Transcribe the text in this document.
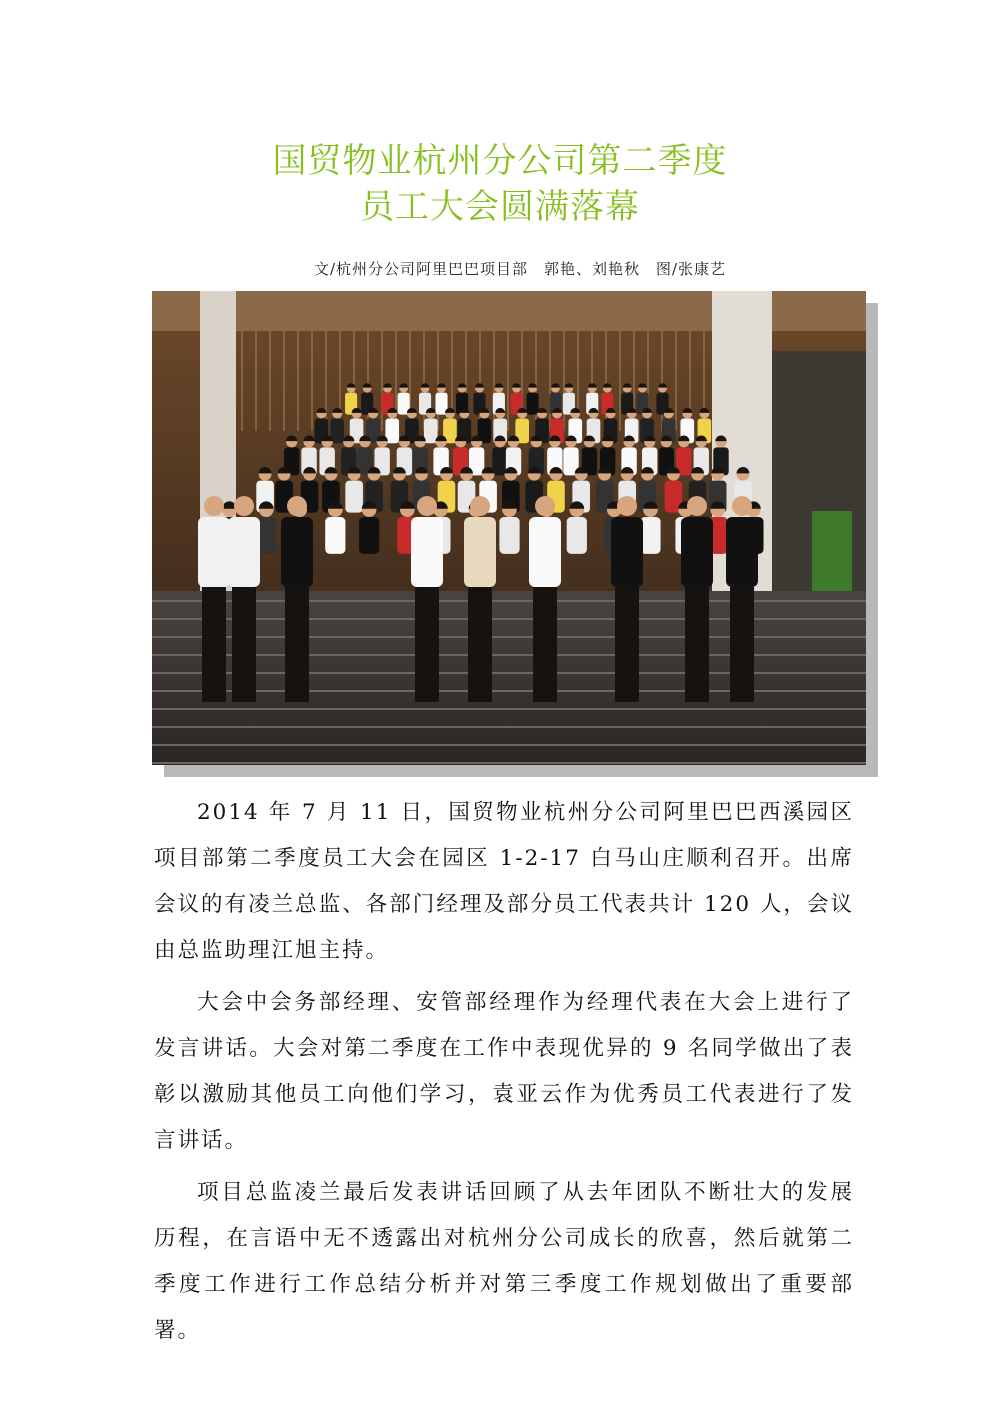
国贸物业杭州分公司第二季度
员工大会圆满落幕
文/杭州分公司阿里巴巴项目部　郭艳、刘艳秋　图/张康艺

2014 年 7 月 11 日，国贸物业杭州分公司阿里巴巴西溪园区项目部第二季度员工大会在园区 1-2-17 白马山庄顺利召开。出席会议的有凌兰总监、各部门经理及部分员工代表共计 120 人，会议由总监助理江旭主持。

大会中会务部经理、安管部经理作为经理代表在大会上进行了发言讲话。大会对第二季度在工作中表现优异的 9 名同学做出了表彰以激励其他员工向他们学习，袁亚云作为优秀员工代表进行了发言讲话。

项目总监凌兰最后发表讲话回顾了从去年团队不断壮大的发展历程，在言语中无不透露出对杭州分公司成长的欣喜，然后就第二季度工作进行工作总结分析并对第三季度工作规划做出了重要部署。
